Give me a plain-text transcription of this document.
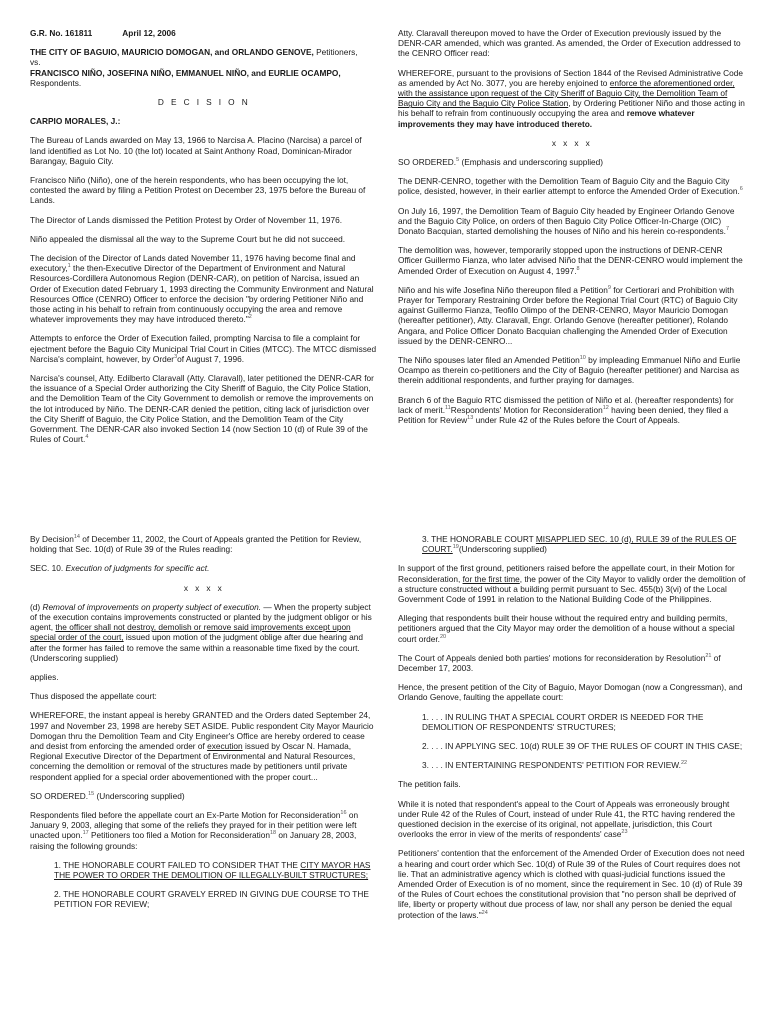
G.R. No. 161811	April 12, 2006

THE CITY OF BAGUIO, MAURICIO DOMOGAN, and ORLANDO GENOVE, Petitioners,
vs.
FRANCISCO NIÑO, JOSEFINA NIÑO, EMMANUEL NIÑO, and EURLIE OCAMPO, Respondents.

D E C I S I O N

CARPIO MORALES, J.:

The Bureau of Lands awarded on May 13, 1966 to Narcisa A. Placino (Narcisa) a parcel of land identified as Lot No. 10 (the lot) located at Saint Anthony Road, Dominican-Mirador Barangay, Baguio City.

Francisco Niño (Niño), one of the herein respondents, who has been occupying the lot, contested the award by filing a Petition Protest on December 23, 1975 before the Bureau of Lands.

The Director of Lands dismissed the Petition Protest by Order of November 11, 1976.

Niño appealed the dismissal all the way to the Supreme Court but he did not succeed.

The decision of the Director of Lands dated November 11, 1976 having become final and executory,$^1$ the then-Executive Director of the Department of Environment and Natural Resources-Cordillera Autonomous Region (DENR-CAR), on petition of Narcisa, issued an Order of Execution dated February 1, 1993 directing the Community Environment and Natural Resources Office (CENRO) Officer to enforce the decision "by ordering Petitioner Niño and those acting in his behalf to refrain from continuously occupying the area and remove whatever improvements they may have introduced thereto."$^2$

Attempts to enforce the Order of Execution failed, prompting Narcisa to file a complaint for ejectment before the Baguio City Municipal Trial Court in Cities (MTCC). The MTCC dismissed Narcisa's complaint, however, by Order$^3$of August 7, 1996.

Narcisa's counsel, Atty. Edilberto Claravall (Atty. Claravall), later petitioned the DENR-CAR for the issuance of a Special Order authorizing the City Sheriff of Baguio, the City Police Station, and the Demolition Team of the City Government to demolish or remove the improvements on the lot introduced by Niño. The DENR-CAR denied the petition, citing lack of jurisdiction over the City Sheriff of Baguio, the City Police Station, and the Demolition Team of the City Government. The DENR-CAR also invoked Section 14 (now Section 10 (d) of Rule 39 of the Rules of Court.$^4$

Atty. Claravall thereupon moved to have the Order of Execution previously issued by the DENR-CAR amended, which was granted. As amended, the Order of Execution addressed to the CENRO Officer read:

WHEREFORE, pursuant to the provisions of Section 1844 of the Revised Administrative Code as amended by Act No. 3077, you are hereby enjoined to enforce the aforementioned order, with the assistance upon request of the City Sheriff of Baguio City, the Demolition Team of Baguio City and the Baguio City Police Station, by Ordering Petitioner Niño and those acting in his behalf to refrain from continuously occupying the area and remove whatever improvements they may have introduced thereto.

x x x x

SO ORDERED.$^5$ (Emphasis and underscoring supplied)

The DENR-CENRO, together with the Demolition Team of Baguio City and the Baguio City police, desisted, however, in their earlier attempt to enforce the Amended Order of Execution.$^6$

On July 16, 1997, the Demolition Team of Baguio City headed by Engineer Orlando Genove and the Baguio City Police, on orders of then Baguio City Police Officer-In-Charge (OIC) Donato Bacquian, started demolishing the houses of Niño and his herein co-respondents.$^7$

The demolition was, however, temporarily stopped upon the instructions of DENR-CENR Officer Guillermo Fianza, who later advised Niño that the DENR-CENRO would implement the Amended Order of Execution on August 4, 1997.$^8$

Niño and his wife Josefina Niño thereupon filed a Petition$^9$ for Certiorari and Prohibition with Prayer for Temporary Restraining Order before the Regional Trial Court (RTC) of Baguio City against Guillermo Fianza, Teofilo Olimpo of the DENR-CENRO, Mayor Mauricio Domogan (hereafter petitioner), Atty. Claravall, Engr. Orlando Genove (hereafter petitioner), Rolando Angara, and Police Officer Donato Bacquian challenging the Amended Order of Execution issued by the DENR-CENRO...

The Niño spouses later filed an Amended Petition$^{10}$ by impleading Emmanuel Niño and Eurlie Ocampo as therein co-petitioners and the City of Baguio (hereafter petitioner) and Narcisa as therein additional respondents, and further praying for damages.

Branch 6 of the Baguio RTC dismissed the petition of Niño et al. (hereafter respondents) for lack of merit.$^{11}$Respondents' Motion for Reconsideration$^{12}$ having been denied, they filed a Petition for Review$^{13}$ under Rule 42 of the Rules before the Court of Appeals.

By Decision$^{14}$ of December 11, 2002, the Court of Appeals granted the Petition for Review, holding that Sec. 10(d) of Rule 39 of the Rules reading:

SEC. 10. Execution of judgments for specific act.

x x x x

(d) Removal of improvements on property subject of execution. — When the property subject of the execution contains improvements constructed or planted by the judgment obligor or his agent, the officer shall not destroy, demolish or remove said improvements except upon special order of the court, issued upon motion of the judgment oblige after due hearing and after the former has failed to remove the same within a reasonable time fixed by the court. (Underscoring supplied)

applies.

Thus disposed the appellate court:

WHEREFORE, the instant appeal is hereby GRANTED and the Orders dated September 24, 1997 and November 23, 1998 are hereby SET ASIDE. Public respondent City Mayor Mauricio Domogan thru the Demolition Team and City Engineer's Office are hereby ordered to cease and desist from enforcing the amended order of execution issued by Oscar N. Hamada, Regional Executive Director of the Department of Environmental and Natural Resources, concerning the demolition or removal of the structures made by petitioners until private respondent applied for a special order abovementioned with the proper court...

SO ORDERED.$^{15}$ (Underscoring supplied)

Respondents filed before the appellate court an Ex-Parte Motion for Reconsideration$^{16}$ on January 9, 2003, alleging that some of the reliefs they prayed for in their petition were left unacted upon.$^{17}$ Petitioners too filed a Motion for Reconsideration$^{18}$ on January 28, 2003, raising the following grounds:

1. THE HONORABLE COURT FAILED TO CONSIDER THAT THE CITY MAYOR HAS THE POWER TO ORDER THE DEMOLITION OF ILLEGALLY-BUILT STRUCTURES;

2. THE HONORABLE COURT GRAVELY ERRED IN GIVING DUE COURSE TO THE PETITION FOR REVIEW;

3. THE HONORABLE COURT MISAPPLIED SEC. 10 (d), RULE 39 of the RULES OF COURT.$^{19}$(Underscoring supplied)

In support of the first ground, petitioners raised before the appellate court, in their Motion for Reconsideration, for the first time, the power of the City Mayor to validly order the demolition of a structure constructed without a building permit pursuant to Sec. 455(b) 3(vi) of the Local Government Code of 1991 in relation to the National Building Code of the Philippines.

Alleging that respondents built their house without the required entry and building permits, petitioners argued that the City Mayor may order the demolition of a house without a special court order.$^{20}$

The Court of Appeals denied both parties' motions for reconsideration by Resolution$^{21}$ of December 17, 2003.

Hence, the present petition of the City of Baguio, Mayor Domogan (now a Congressman), and Orlando Genove, faulting the appellate court:

1. . . . IN RULING THAT A SPECIAL COURT ORDER IS NEEDED FOR THE DEMOLITION OF RESPONDENTS' STRUCTURES;

2. . . . IN APPLYING SEC. 10(d) RULE 39 OF THE RULES OF COURT IN THIS CASE;

3. . . . IN ENTERTAINING RESPONDENTS' PETITION FOR REVIEW.$^{22}$

The petition fails.

While it is noted that respondent's appeal to the Court of Appeals was erroneously brought under Rule 42 of the Rules of Court, instead of under Rule 41, the RTC having rendered the questioned decision in the exercise of its original, not appellate, jurisdiction, this Court overlooks the error in view of the merits of respondents' case$^{23}$

Petitioners' contention that the enforcement of the Amended Order of Execution does not need a hearing and court order which Sec. 10(d) of Rule 39 of the Rules of Court requires does not lie. That an administrative agency which is clothed with quasi-judicial functions issued the Amended Order of Execution is of no moment, since the requirement in Sec. 10 (d) of Rule 39 of the Rules of Court echoes the constitutional provision that "no person shall be deprived of life, liberty or property without due process of law, nor shall any person be denied the equal protection of the laws."$^{24}$
